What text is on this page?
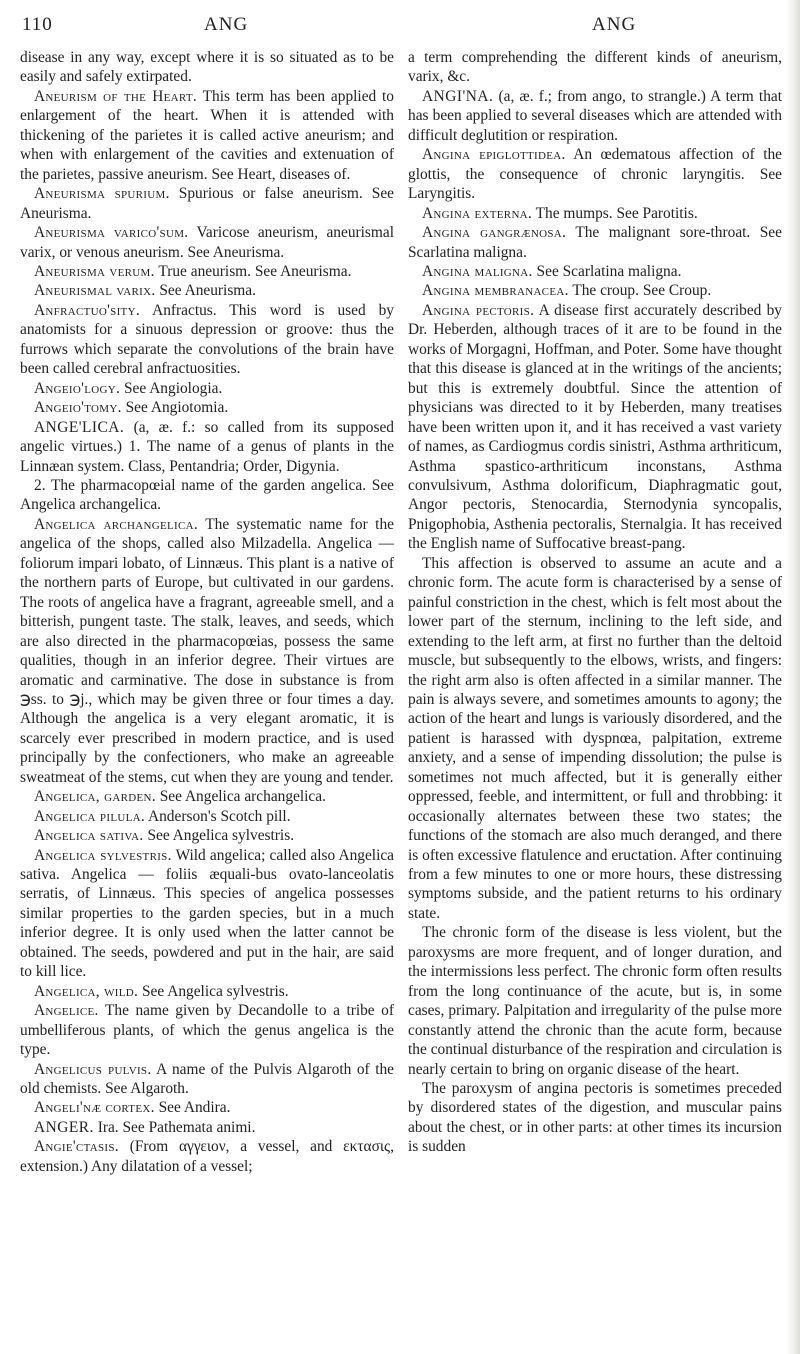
110	ANG	ANG

disease in any way, except where it is so situated as to be easily and safely extirpated.

Aneurism of the Heart. This term has been applied to enlargement of the heart. When it is attended with thickening of the parietes it is called active aneurism; and when with enlargement of the cavities and extenuation of the parietes, passive aneurism. See Heart, diseases of.

Aneurisma spurium. Spurious or false aneurism. See Aneurisma.

Aneurisma varico'sum. Varicose aneurism, aneurismal varix, or venous aneurism. See Aneurisma.

Aneurisma verum. True aneurism. See Aneurisma.

Aneurismal varix. See Aneurisma.

Anfractuo'sity. Anfractus. This word is used by anatomists for a sinuous depression or groove: thus the furrows which separate the convolutions of the brain have been called cerebral anfractuosities.

Angeio'logy. See Angiologia.

Angeio'tomy. See Angiotomia.

ANGE'LICA. (a, æ. f.: so called from its supposed angelic virtues.) 1. The name of a genus of plants in the Linnæan system. Class, Pentandria; Order, Digynia.

2. The pharmacopœial name of the garden angelica. See Angelica archangelica.

Angelica archangelica. The systematic name for the angelica of the shops, called also Milzadella. Angelica — foliorum impari lobato, of Linnæus. This plant is a native of the northern parts of Europe, but cultivated in our gardens. The roots of angelica have a fragrant, agreeable smell, and a bitterish, pungent taste. The stalk, leaves, and seeds, which are also directed in the pharmacopœias, possess the same qualities, though in an inferior degree. Their virtues are aromatic and carminative. The dose in substance is from ℈ss. to ℈j., which may be given three or four times a day. Although the angelica is a very elegant aromatic, it is scarcely ever prescribed in modern practice, and is used principally by the confectioners, who make an agreeable sweatmeat of the stems, cut when they are young and tender.

Angelica, garden. See Angelica archangelica.

Angelica pilula. Anderson's Scotch pill.

Angelica sativa. See Angelica sylvestris.

Angelica sylvestris. Wild angelica; called also Angelica sativa. Angelica — foliis æquali-bus ovato-lanceolatis serratis, of Linnæus. This species of angelica possesses similar properties to the garden species, but in a much inferior degree. It is only used when the latter cannot be obtained. The seeds, powdered and put in the hair, are said to kill lice.

Angelica, wild. See Angelica sylvestris.

Angelice. The name given by Decandolle to a tribe of umbelliferous plants, of which the genus angelica is the type.

Angelicus pulvis. A name of the Pulvis Algaroth of the old chemists. See Algaroth.

Angeli'næ cortex. See Andira.

ANGER. Ira. See Pathemata animi.

Angie'ctasis. (From αγγειον, a vessel, and εκτασις, extension.) Any dilatation of a vessel;

a term comprehending the different kinds of aneurism, varix, &c.

ANGI'NA. (a, æ. f.; from ango, to strangle.) A term that has been applied to several diseases which are attended with difficult deglutition or respiration.

Angina epiglottidea. An œdematous affection of the glottis, the consequence of chronic laryngitis. See Laryngitis.

Angina externa. The mumps. See Parotitis.

Angina gangrænosa. The malignant sore-throat. See Scarlatina maligna.

Angina maligna. See Scarlatina maligna.

Angina membranacea. The croup. See Croup.

Angina pectoris. A disease first accurately described by Dr. Heberden, although traces of it are to be found in the works of Morgagni, Hoffman, and Poter. Some have thought that this disease is glanced at in the writings of the ancients; but this is extremely doubtful. Since the attention of physicians was directed to it by Heberden, many treatises have been written upon it, and it has received a vast variety of names, as Cardiogmus cordis sinistri, Asthma arthriticum, Asthma spastico-arthriticum inconstans, Asthma convulsivum, Asthma dolorificum, Diaphragmatic gout, Angor pectoris, Stenocardia, Sternodynia syncopalis, Pnigophobia, Asthenia pectoralis, Sternalgia. It has received the English name of Suffocative breast-pang.

This affection is observed to assume an acute and a chronic form. The acute form is characterised by a sense of painful constriction in the chest, which is felt most about the lower part of the sternum, inclining to the left side, and extending to the left arm, at first no further than the deltoid muscle, but subsequently to the elbows, wrists, and fingers: the right arm also is often affected in a similar manner. The pain is always severe, and sometimes amounts to agony; the action of the heart and lungs is variously disordered, and the patient is harassed with dyspnœa, palpitation, extreme anxiety, and a sense of impending dissolution; the pulse is sometimes not much affected, but it is generally either oppressed, feeble, and intermittent, or full and throbbing: it occasionally alternates between these two states; the functions of the stomach are also much deranged, and there is often excessive flatulence and eructation. After continuing from a few minutes to one or more hours, these distressing symptoms subside, and the patient returns to his ordinary state.

The chronic form of the disease is less violent, but the paroxysms are more frequent, and of longer duration, and the intermissions less perfect. The chronic form often results from the long continuance of the acute, but is, in some cases, primary. Palpitation and irregularity of the pulse more constantly attend the chronic than the acute form, because the continual disturbance of the respiration and circulation is nearly certain to bring on organic disease of the heart.

The paroxysm of angina pectoris is sometimes preceded by disordered states of the digestion, and muscular pains about the chest, or in other parts: at other times its incursion is sudden
